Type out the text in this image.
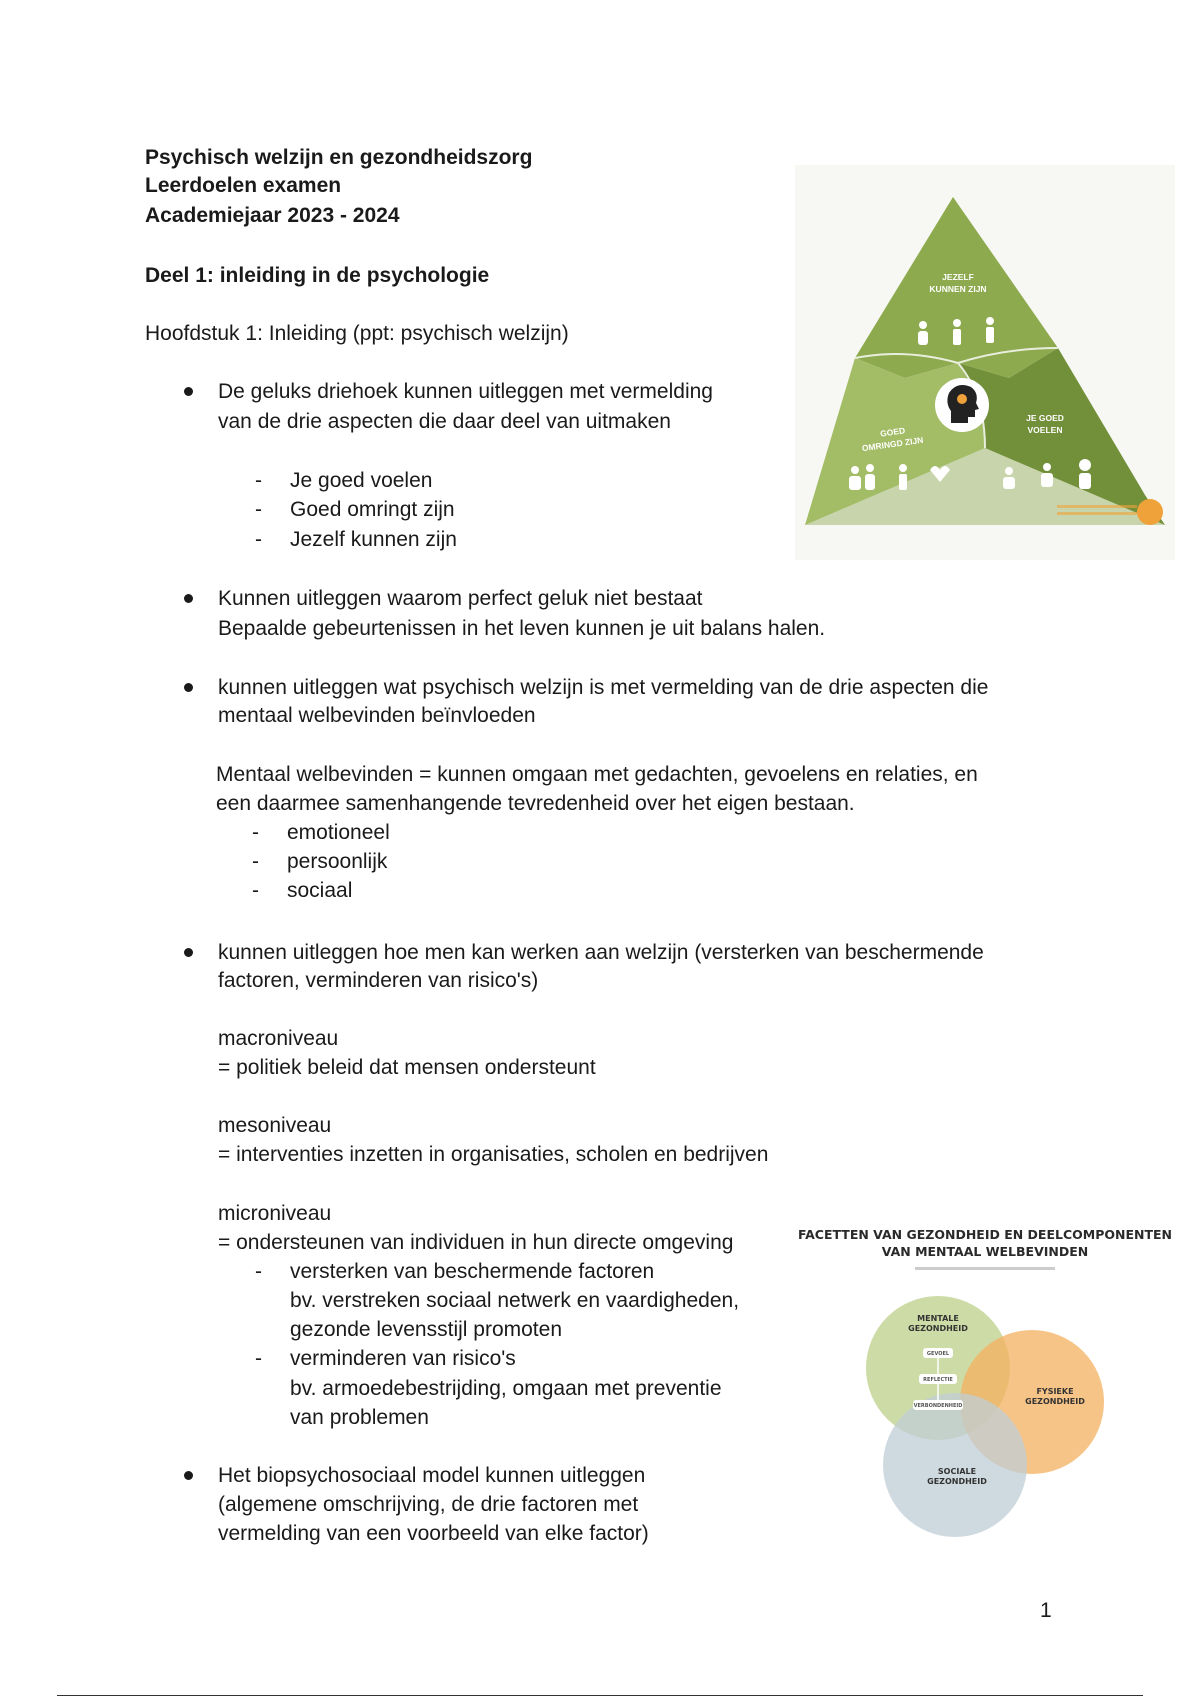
Psychisch welzijn en gezondheidszorg
Leerdoelen examen
Academiejaar 2023 - 2024
Deel 1: inleiding in de psychologie
Hoofdstuk 1: Inleiding (ppt: psychisch welzijn)
De geluks driehoek kunnen uitleggen met vermelding
van de drie aspecten die daar deel van uitmaken
- Je goed voelen
- Goed omringt zijn
- Jezelf kunnen zijn
Kunnen uitleggen waarom perfect geluk niet bestaat
Bepaalde gebeurtenissen in het leven kunnen je uit balans halen.
kunnen uitleggen wat psychisch welzijn is met vermelding van de drie aspecten die
mentaal welbevinden beïnvloeden
Mentaal welbevinden = kunnen omgaan met gedachten, gevoelens en relaties, en
een daarmee samenhangende tevredenheid over het eigen bestaan.
- emotioneel
- persoonlijk
- sociaal
kunnen uitleggen hoe men kan werken aan welzijn (versterken van beschermende
factoren, verminderen van risico's)
macroniveau
= politiek beleid dat mensen ondersteunt
mesoniveau
= interventies inzetten in organisaties, scholen en bedrijven
microniveau
= ondersteunen van individuen in hun directe omgeving
- versterken van beschermende factoren
bv. verstreken sociaal netwerk en vaardigheden,
gezonde levensstijl promoten
- verminderen van risico's
bv. armoedebestrijding, omgaan met preventie
van problemen
Het biopsychosociaal model kunnen uitleggen
(algemene omschrijving, de drie factoren met
vermelding van een voorbeeld van elke factor)
JEZELF
KUNNEN ZIJN
GOED
OMRINGD ZIJN
JE GOED
VOELEN
FACETTEN VAN GEZONDHEID EN DEELCOMPONENTEN
VAN MENTAAL WELBEVINDEN
MENTALE
GEZONDHEID
GEVOEL
REFLECTIE
VERBONDENHEID
FYSIEKE
GEZONDHEID
SOCIALE
GEZONDHEID
1
